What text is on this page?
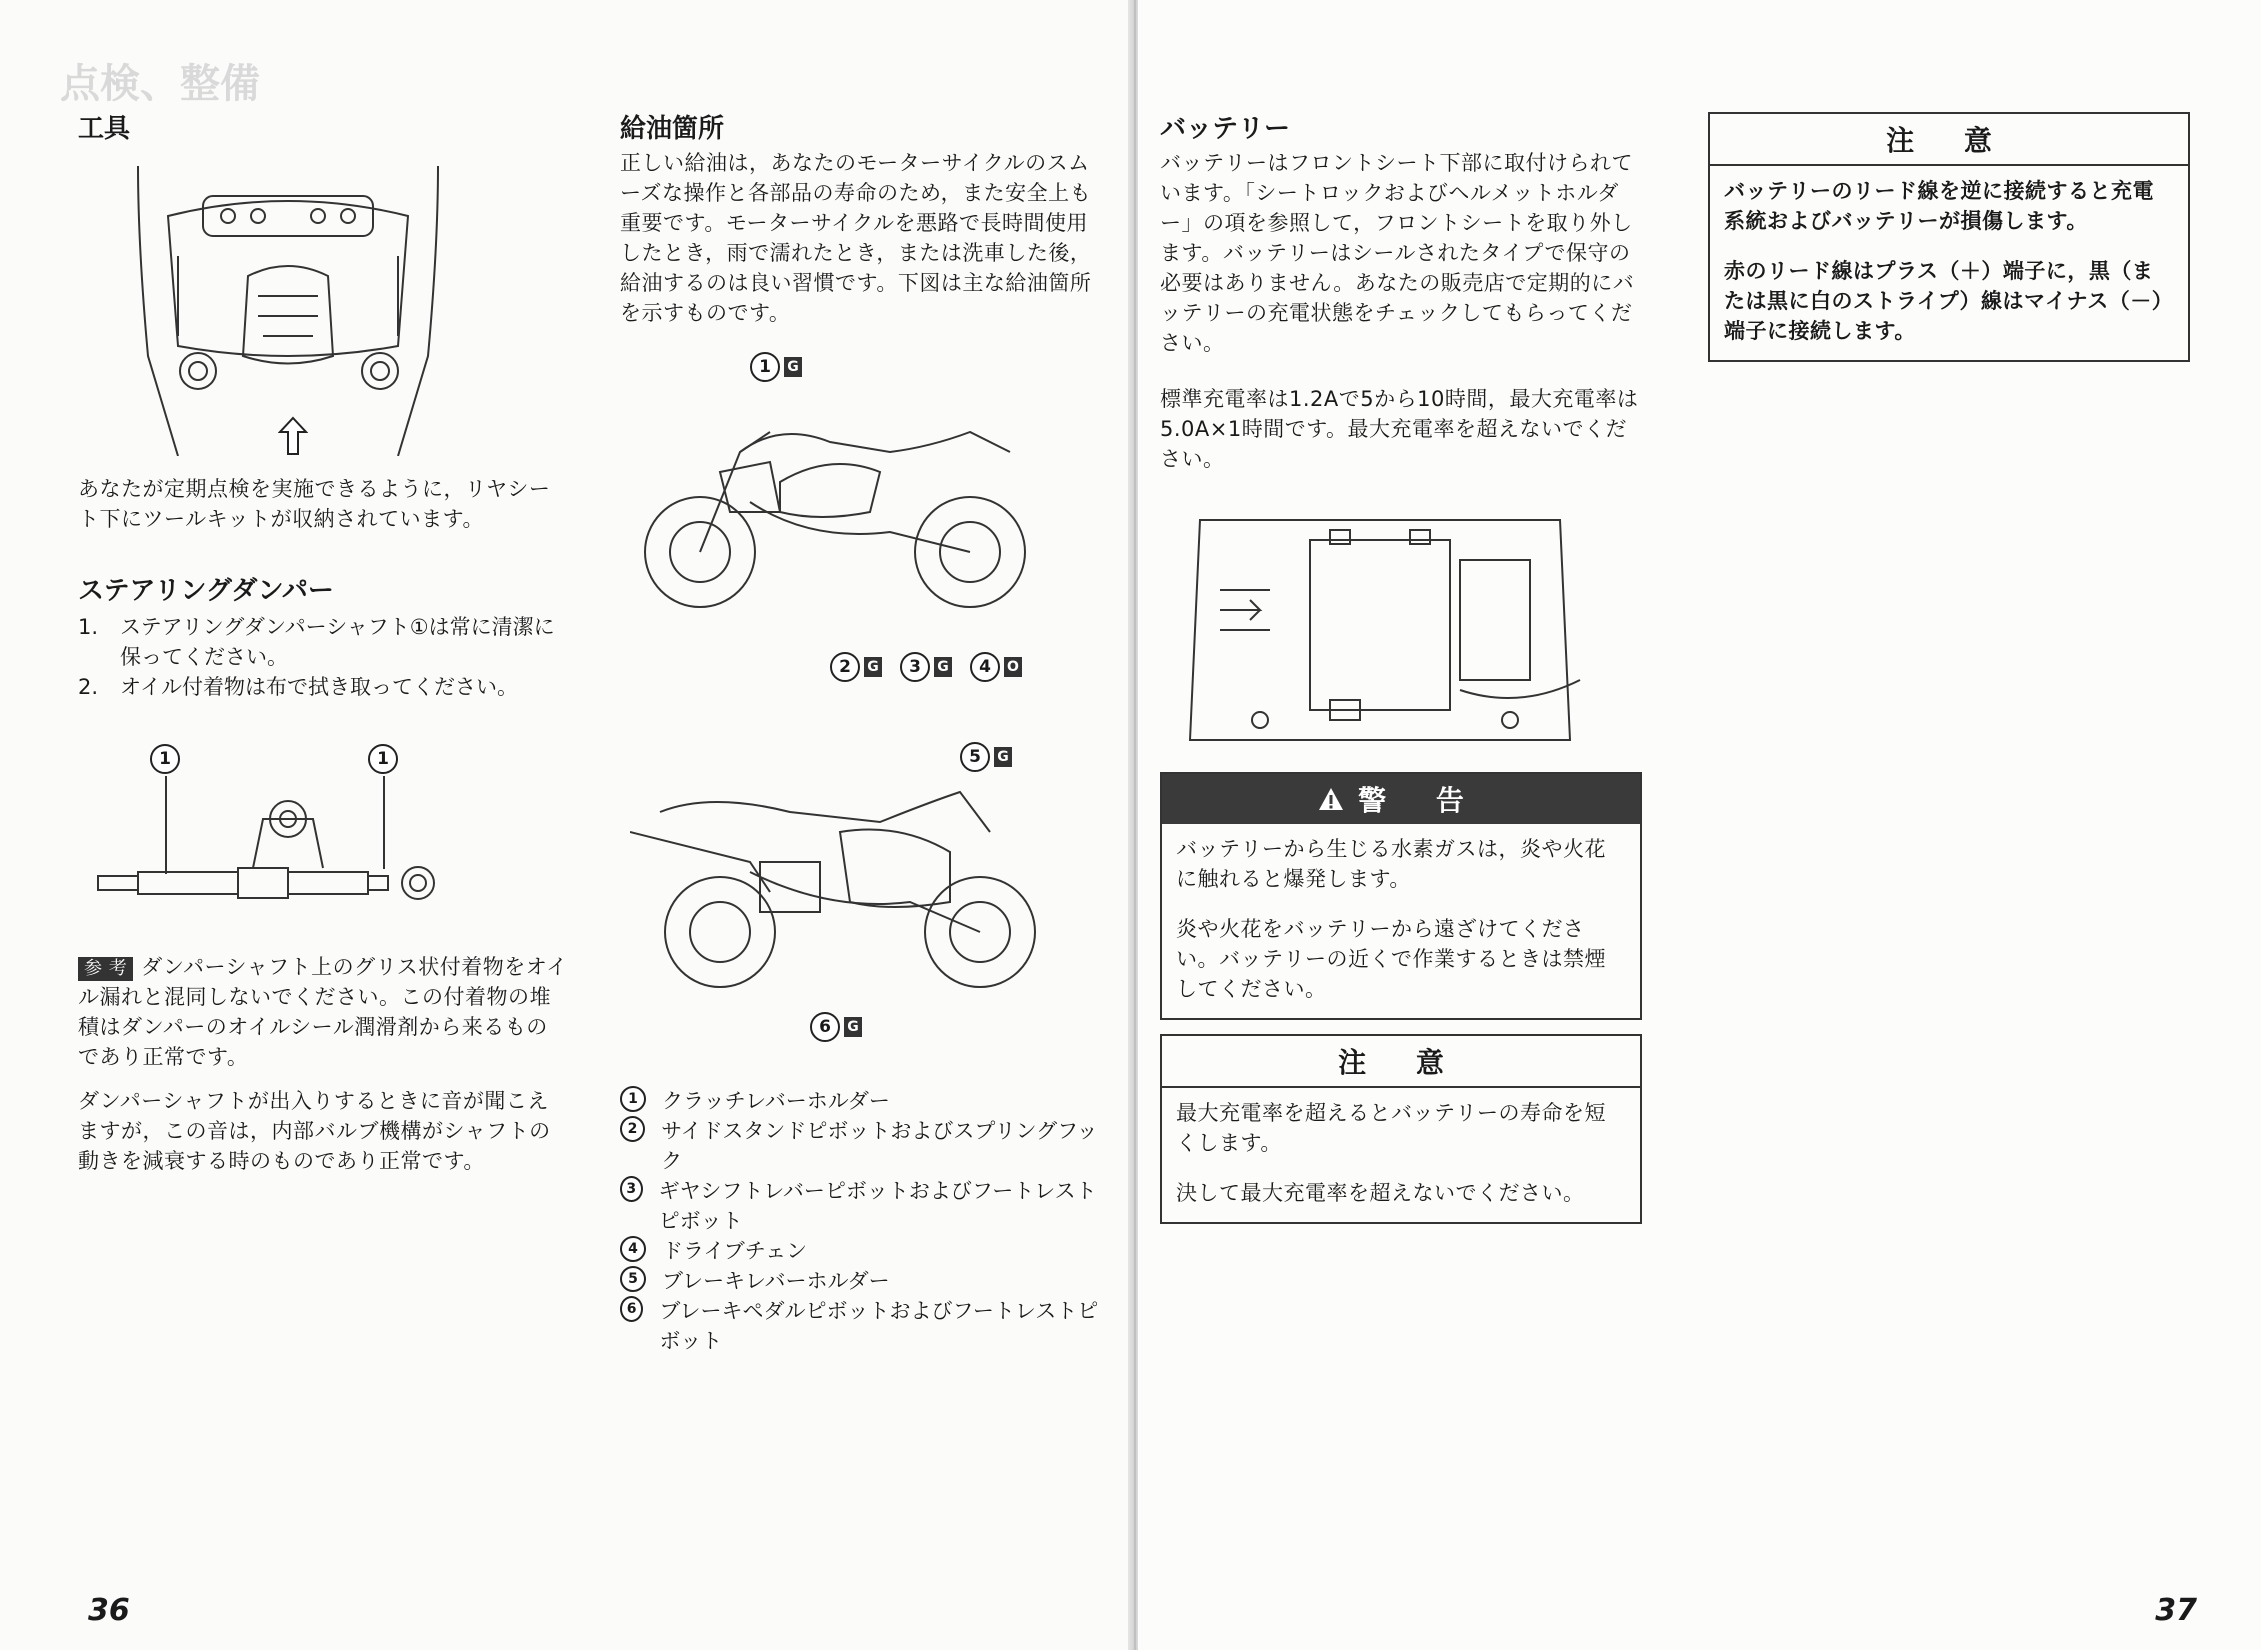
点検、整備
工具

あなたが定期点検を実施できるように，リヤシート下にツールキットが収納されています。

ステアリングダンパー
1.	ステアリングダンパーシャフト①は常に清潔に保ってください。
2.	オイル付着物は布で拭き取ってください。
1	1

参 考 ダンパーシャフト上のグリス状付着物をオイル漏れと混同しないでください。この付着物の堆積はダンパーのオイルシール潤滑剤から来るものであり正常です。

ダンパーシャフトが出入りするときに音が聞こえますが，この音は，内部バルブ機構がシャフトの動きを減衰する時のものであり正常です。

給油箇所

正しい給油は，あなたのモーターサイクルのスムーズな操作と各部品の寿命のため，また安全上も重要です。モーターサイクルを悪路で長時間使用したとき，雨で濡れたとき，または洗車した後，給油するのは良い習慣です。下図は主な給油箇所を示すものです。

1 G
2 G	3 G	4 O
5 G
6 G
1	クラッチレバーホルダー
2	サイドスタンドピボットおよびスプリングフック
3	ギヤシフトレバーピボットおよびフートレストピボット
4	ドライブチェン
5	ブレーキレバーホルダー
6	ブレーキペダルピボットおよびフートレストピボット
36
バッテリー

バッテリーはフロントシート下部に取付けられています。「シートロックおよびヘルメットホルダー」の項を参照して，フロントシートを取り外します。バッテリーはシールされたタイプで保守の必要はありません。あなたの販売店で定期的にバッテリーの充電状態をチェックしてもらってください。

標準充電率は1.2Aで5から10時間，最大充電率は5.0A×1時間です。最大充電率を超えないでください。

警 告

バッテリーから生じる水素ガスは，炎や火花に触れると爆発します。

炎や火花をバッテリーから遠ざけてください。バッテリーの近くで作業するときは禁煙してください。

注 意

最大充電率を超えるとバッテリーの寿命を短くします。

決して最大充電率を超えないでください。

注 意

バッテリーのリード線を逆に接続すると充電系統およびバッテリーが損傷します。

赤のリード線はプラス（＋）端子に，黒（または黒に白のストライプ）線はマイナス（－）端子に接続します。

37
